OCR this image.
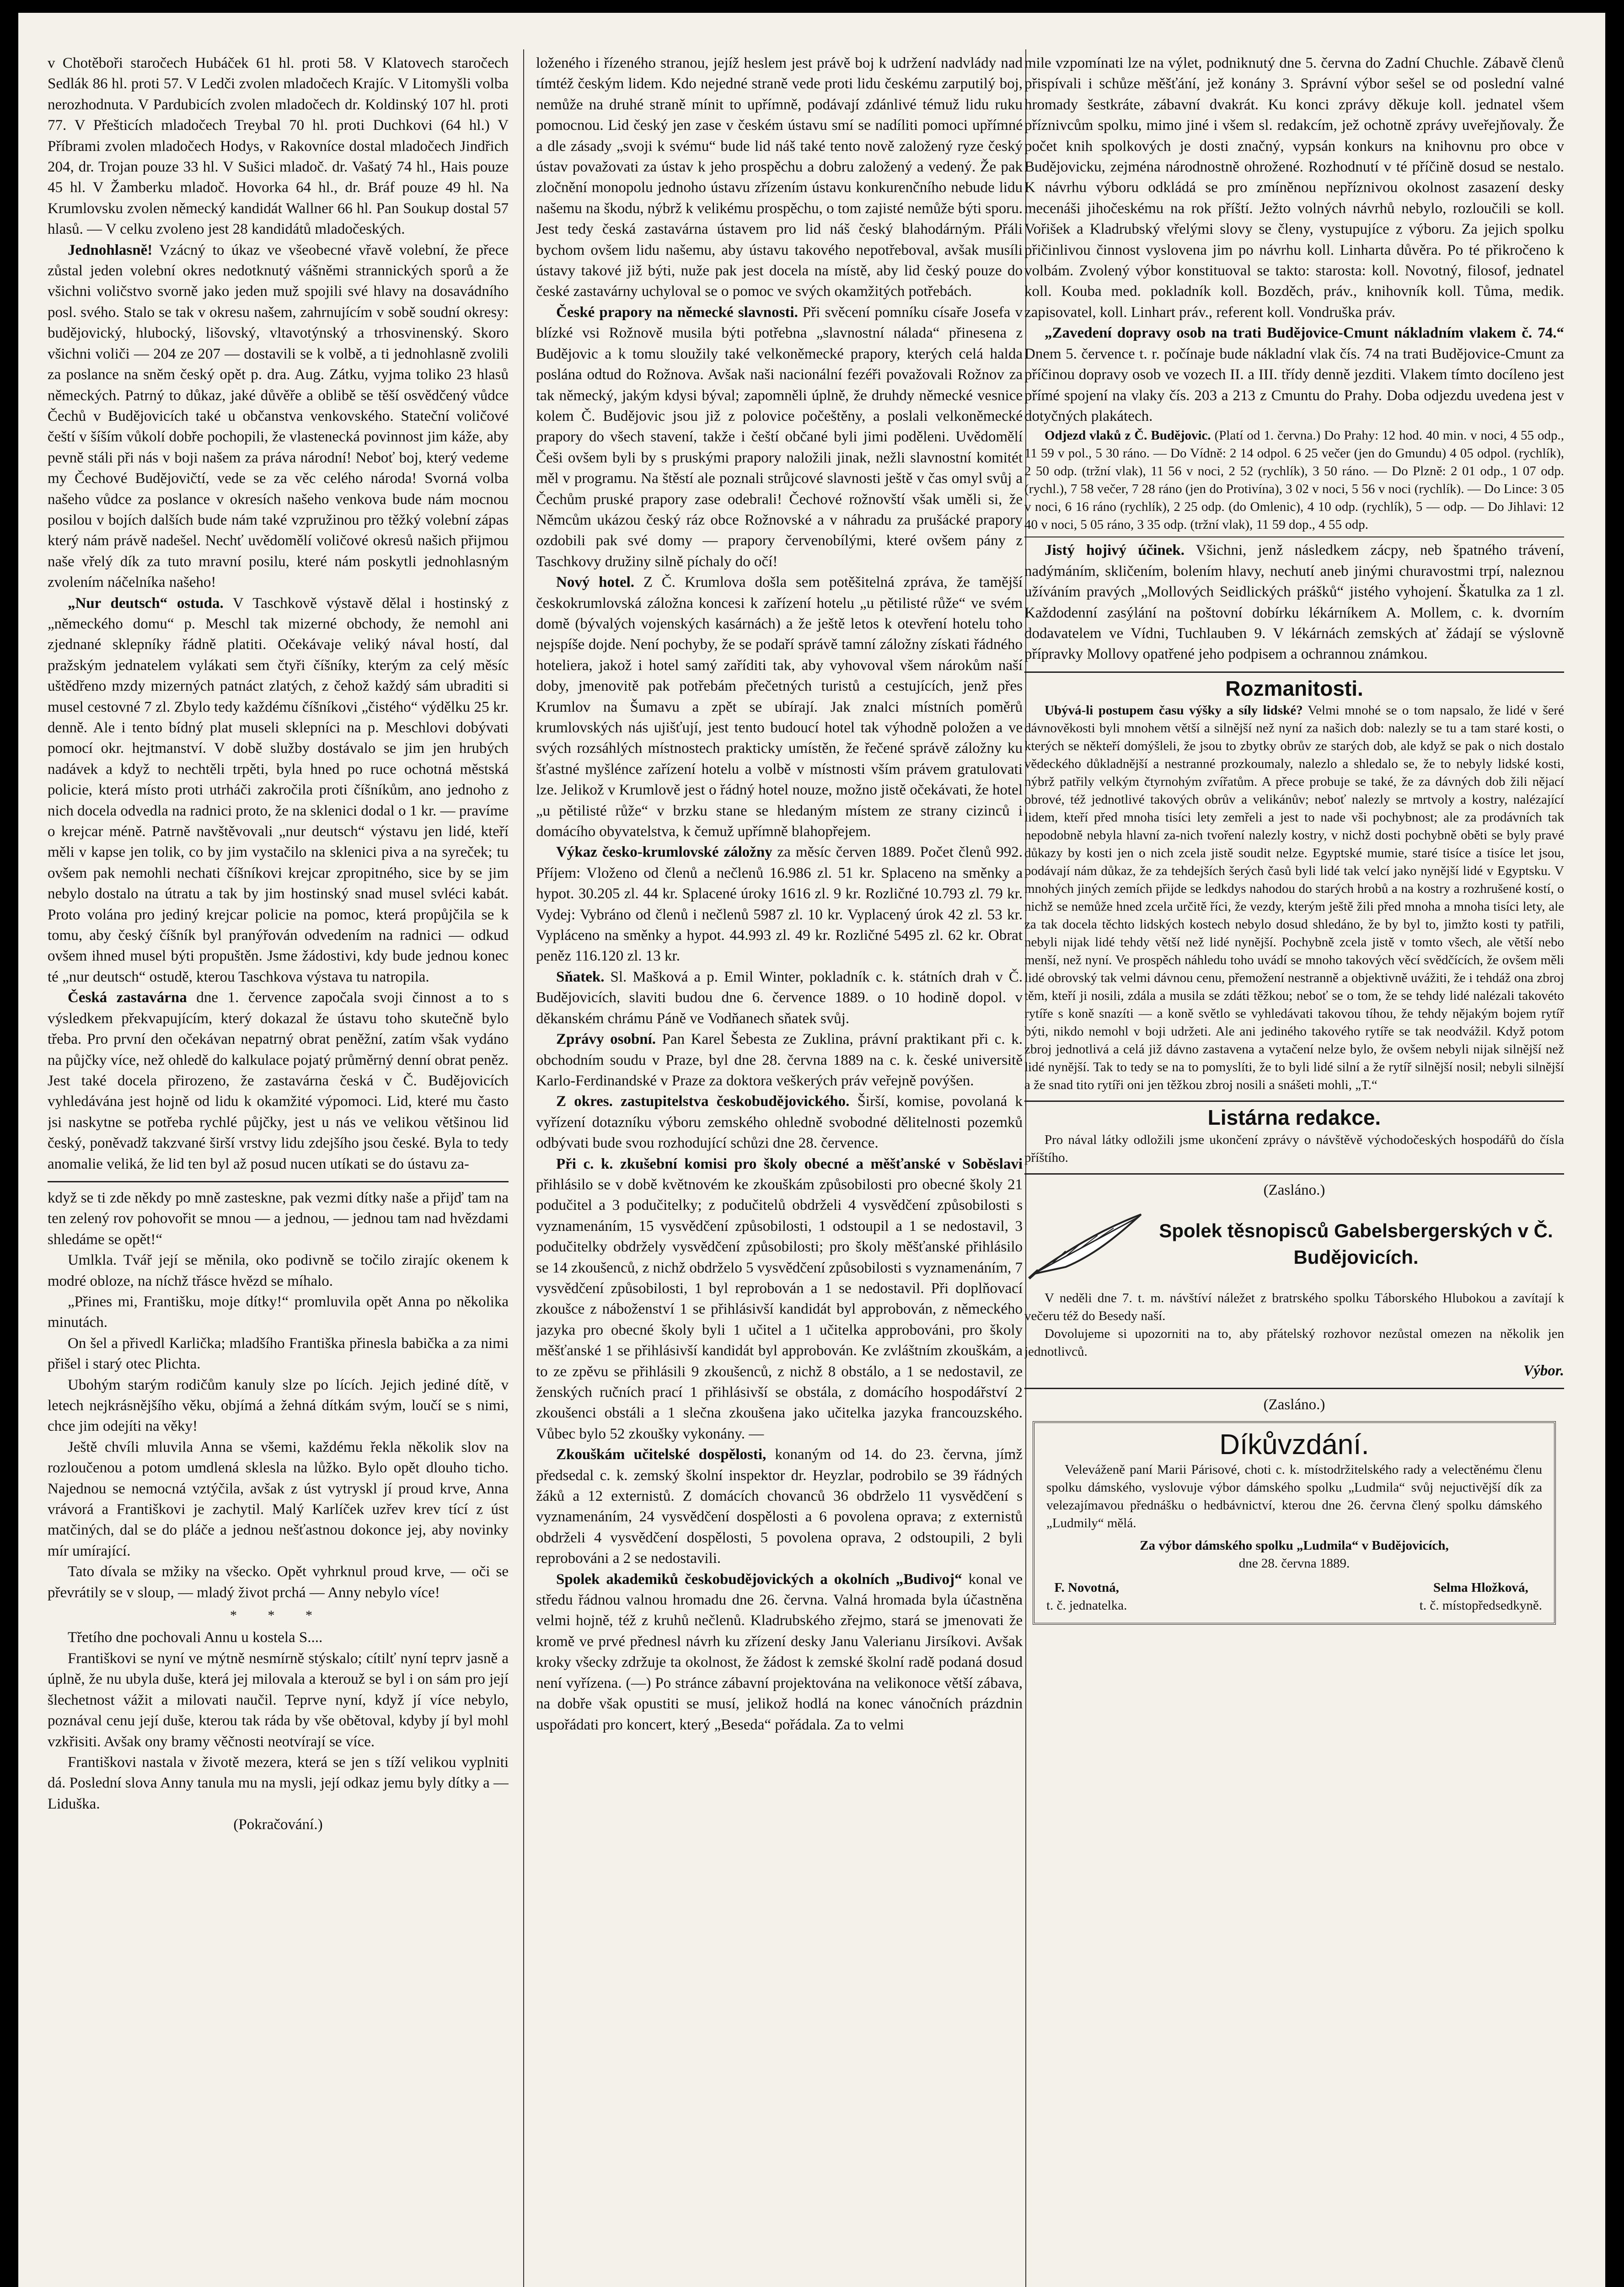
v Chotěboři staročech Hubáček 61 hl. proti 58. V Klatovech staročech Sedlák 86 hl. proti 57. V Ledči zvolen mladočech Krajíc. V Litomyšli volba nerozhodnuta. V Pardubicích zvolen mladočech dr. Koldinský 107 hl. proti 77. V Přešticích mladočech Treybal 70 hl. proti Duchkovi (64 hl.) V Příbrami zvolen mladočech Hodys, v Rakovníce dostal mladočech Jindřich 204, dr. Trojan pouze 33 hl. V Sušici mladoč. dr. Vašatý 74 hl., Hais pouze 45 hl. V Žamberku mladoč. Hovorka 64 hl., dr. Bráf pouze 49 hl. Na Krumlovsku zvolen německý kandidát Wallner 66 hl. Pan Soukup dostal 57 hlasů. — V celku zvoleno jest 28 kandidátů mladočeských.

Jednohlasně! Vzácný to úkaz ve všeobecné vřavě volební, že přece zůstal jeden volební okres nedotknutý vášněmi strannických sporů a že všichni voličstvo svorně jako jeden muž spojili své hlavy na dosavádního posl. svého. Stalo se tak v okresu našem, zahrnujícím v sobě soudní okresy: budějovický, hlubocký, lišovský, vltavotýnský a trhosvinenský. Skoro všichni voliči — 204 ze 207 — dostavili se k volbě, a ti jednohlasně zvolili za poslance na sněm český opět p. dra. Aug. Zátku, vyjma toliko 23 hlasů německých. Patrný to důkaz, jaké důvěře a oblibě se těší osvědčený vůdce Čechů v Budějovicích také u občanstva venkovského. Stateční voličové čeští v šíším vůkolí dobře pochopili, že vlastenecká povinnost jim káže, aby pevně stáli při nás v boji našem za práva národní! Neboť boj, který vedeme my Čechové Budějovičtí, vede se za věc celého národa! Svorná volba našeho vůdce za poslance v okresích našeho venkova bude nám mocnou posilou v bojích dalších bude nám také vzpružinou pro těžký volební zápas který nám právě nadešel. Nechť uvědomělí voličové okresů našich přijmou naše vřelý dík za tuto mravní posilu, které nám poskytli jednohlasným zvolením náčelníka našeho!

„Nur deutsch“ ostuda. V Taschkově výstavě dělal i hostinský z „německého domu“ p. Meschl tak mizerné obchody, že nemohl ani zjednané sklepníky řádně platiti. Očekávaje veliký nával hostí, dal pražským jednatelem vylákati sem čtyři číšníky, kterým za celý měsíc uštědřeno mzdy mizerných patnáct zlatých, z čehož každý sám ubraditi si musel cestovné 7 zl. Zbylo tedy každému číšníkovi „čistého“ výdělku 25 kr. denně. Ale i tento bídný plat museli sklepníci na p. Meschlovi dobývati pomocí okr. hejtmanství. V době služby dostávalo se jim jen hrubých nadávek a když to nechtěli trpěti, byla hned po ruce ochotná městská policie, která místo proti utrháči zakročila proti číšníkům, ano jednoho z nich docela odvedla na radnici proto, že na sklenici dodal o 1 kr. — pravíme o krejcar méně. Patrně navštěvovali „nur deutsch“ výstavu jen lidé, kteří měli v kapse jen tolik, co by jim vystačilo na sklenici piva a na syreček; tu ovšem pak nemohli nechati číšníkovi krejcar zpropitného, sice by se jim nebylo dostalo na útratu a tak by jim hostinský snad musel svléci kabát. Proto volána pro jediný krejcar policie na pomoc, která propůjčila se k tomu, aby český číšník byl pranýřován odvedením na radnici — odkud ovšem ihned musel býti propuštěn. Jsme žádostivi, kdy bude jednou konec té „nur deutsch“ ostudě, kterou Taschkova výstava tu natropila.

Česká zastavárna dne 1. července započala svoji činnost a to s výsledkem překvapujícím, který dokazal že ústavu toho skutečně bylo třeba. Pro první den očekávan nepatrný obrat peněžní, zatím však vydáno na půjčky více, než ohledě do kalkulace pojatý průměrný denní obrat peněz. Jest také docela přirozeno, že zastavárna česká v Č. Budějovicích vyhledávána jest hojně od lidu k okamžité výpomoci. Lid, které mu často jsi naskytne se potřeba rychlé půjčky, jest u nás ve velikou většinou lid český, poněvadž takzvané širší vrstvy lidu zdejšího jsou české. Byla to tedy anomalie veliká, že lid ten byl až posud nucen utíkati se do ústavu za-

když se ti zde někdy po mně zasteskne, pak vezmi dítky naše a přijď tam na ten zelený rov pohovořit se mnou — a jednou, — jednou tam nad hvězdami shledáme se opět!“

Umlkla. Tvář její se měnila, oko podivně se točilo zirajíc okenem k modré obloze, na níchž třásce hvězd se míhalo.

„Přines mi, Františku, moje dítky!“ promluvila opět Anna po několika minutách.

On šel a přivedl Karlička; mladšího Františka přinesla babička a za nimi přišel i starý otec Plichta.

Ubohým starým rodičům kanuly slze po lících. Jejich jediné dítě, v letech nejkrásnějšího věku, objímá a žehná dítkám svým, loučí se s nimi, chce jim odejíti na věky!

Ještě chvíli mluvila Anna se všemi, každému řekla několik slov na rozloučenou a potom umdlená sklesla na lůžko. Bylo opět dlouho ticho. Najednou se nemocná vztýčila, avšak z úst vytryskl jí proud krve, Anna vrávorá a Františkovi je zachytil. Malý Karlíček uzřev krev tící z úst matčiných, dal se do pláče a jednou nešťastnou dokonce jej, aby novinky mír umírající.

Tato dívala se mžiky na všecko. Opět vyhrknul proud krve, — oči se převrátily se v sloup, — mladý život prchá — Anny nebylo více!

* * *

Třetího dne pochovali Annu u kostela S....

Františkovi se nyní ve mýtně nesmírně stýskalo; cítilť nyní teprv jasně a úplně, že nu ubyla duše, která jej milovala a kterouž se byl i on sám pro její šlechetnost vážit a milovati naučil. Teprve nyní, když jí více nebylo, poznával cenu její duše, kterou tak ráda by vše obětoval, kdyby jí byl mohl vzkřisiti. Avšak ony bramy věčnosti neotvírají se více.

Františkovi nastala v životě mezera, která se jen s tíží velikou vyplniti dá. Poslední slova Anny tanula mu na mysli, její odkaz jemu byly dítky a — Liduška.

(Pokračování.)

loženého i řízeného stranou, jejíž heslem jest právě boj k udržení nadvlády nad tímtéž českým lidem. Kdo nejedné straně vede proti lidu českému zarputilý boj, nemůže na druhé straně mínit to upřímně, podávají zdánlivé témuž lidu ruku pomocnou. Lid český jen zase v českém ústavu smí se nadíliti pomoci upřímné a dle zásady „svoji k svému“ bude lid náš také tento nově založený ryze český ústav považovati za ústav k jeho prospěchu a dobru založený a vedený. Že pak zločnění monopolu jednoho ústavu zřízením ústavu konkurenčního nebude lidu našemu na škodu, nýbrž k velikému prospěchu, o tom zajisté nemůže býti sporu. Jest tedy česká zastavárna ústavem pro lid náš český blahodárným. Přáli bychom ovšem lidu našemu, aby ústavu takového nepotřeboval, avšak musíli ústavy takové již býti, nuže pak jest docela na místě, aby lid český pouze do české zastavárny uchyloval se o pomoc ve svých okamžitých potřebách.

České prapory na německé slavnosti. Při svěcení pomníku císaře Josefa v blízké vsi Rožnově musila býti potřebna „slavnostní nálada“ přinesena z Budějovic a k tomu sloužily také velkoněmecké prapory, kterých celá halda poslána odtud do Rožnova. Avšak naši nacionální fezéři považovali Rožnov za tak německý, jakým kdysi býval; zapomněli úplně, že druhdy německé vesnice kolem Č. Budějovic jsou již z polovice počeštěny, a poslali velkoněmecké prapory do všech stavení, takže i čeští občané byli jimi poděleni. Uvědomělí Češi ovšem byli by s pruskými prapory naložili jinak, nežli slavnostní komitét měl v programu. Na štěstí ale poznali strůjcové slavnosti ještě v čas omyl svůj a Čechům pruské prapory zase odebrali! Čechové rožnovští však uměli si, že Němcům ukázou český ráz obce Rožnovské a v náhradu za prušácké prapory ozdobili pak své domy — prapory červenobílými, které ovšem pány z Taschkovy družiny silně píchaly do očí!

Nový hotel. Z Č. Krumlova došla sem potěšitelná zpráva, že tamější českokrumlovská záložna koncesi k zařízení hotelu „u pětilisté růže“ ve svém domě (bývalých vojenských kasárnách) a že ještě letos k otevření hotelu toho nejspíše dojde. Není pochyby, že se podaří správě tamní záložny získati řádného hoteliera, jakož i hotel samý zaříditi tak, aby vyhovoval všem nárokům naší doby, jmenovitě pak potřebám přečetných turistů a cestujících, jenž přes Krumlov na Šumavu a zpět se ubírají. Jak znalci místních poměrů krumlovských nás ujišťují, jest tento budoucí hotel tak výhodně položen a ve svých rozsáhlých místnostech prakticky umístěn, že řečené správě záložny ku šťastné myšlénce zařízení hotelu a volbě v místnosti vším právem gratulovati lze. Jelikož v Krumlově jest o řádný hotel nouze, možno jistě očekávati, že hotel „u pětilisté růže“ v brzku stane se hledaným místem ze strany cizinců i domácího obyvatelstva, k čemuž upřímně blahopřejem.

Výkaz česko-krumlovské záložny za měsíc červen 1889. Počet členů 992. Příjem: Vloženo od členů a nečlenů 16.986 zl. 51 kr. Splaceno na směnky a hypot. 30.205 zl. 44 kr. Splacené úroky 1616 zl. 9 kr. Rozličné 10.793 zl. 79 kr. Vydej: Vybráno od členů i nečlenů 5987 zl. 10 kr. Vyplacený úrok 42 zl. 53 kr. Vypláceno na směnky a hypot. 44.993 zl. 49 kr. Rozličné 5495 zl. 62 kr. Obrat peněz 116.120 zl. 13 kr.

Sňatek. Sl. Mašková a p. Emil Winter, pokladník c. k. státních drah v Č. Budějovicích, slaviti budou dne 6. července 1889. o 10 hodině dopol. v děkanském chrámu Páně ve Vodňanech sňatek svůj.

Zprávy osobní. Pan Karel Šebesta ze Zuklina, právní praktikant při c. k. obchodním soudu v Praze, byl dne 28. června 1889 na c. k. české universitě Karlo-Ferdinandské v Praze za doktora veškerých práv veřejně povýšen.

Z okres. zastupitelstva českobudějovického. Širší, komise, povolaná k vyřízení dotazníku výboru zemského ohledně svobodné dělitelnosti pozemků odbývati bude svou rozhodující schůzi dne 28. července.

Při c. k. zkušební komisi pro školy obecné a měšťanské v Soběslavi přihlásilo se v době květnovém ke zkouškám způsobilosti pro obecné školy 21 podučitel a 3 podučitelky; z podučitelů obdrželi 4 vysvědčení způsobilosti s vyznamenáním, 15 vysvědčení způsobilosti, 1 odstoupil a 1 se nedostavil, 3 podučitelky obdržely vysvědčení způsobilosti; pro školy měšťanské přihlásilo se 14 zkoušenců, z nichž obdrželo 5 vysvědčení způsobilosti s vyznamenáním, 7 vysvědčení způsobilosti, 1 byl reprobován a 1 se nedostavil. Při doplňovací zkoušce z náboženství 1 se přihlásivší kandidát byl approbován, z německého jazyka pro obecné školy byli 1 učitel a 1 učitelka approbováni, pro školy měšťanské 1 se přihlásivší kandidát byl approbován. Ke zvláštním zkouškám, a to ze zpěvu se přihlásili 9 zkoušenců, z nichž 8 obstálo, a 1 se nedostavil, ze ženských ručních prací 1 přihlásivší se obstála, z domácího hospodářství 2 zkoušenci obstáli a 1 slečna zkoušena jako učitelka jazyka francouzského. Vůbec bylo 52 zkoušky vykonány. —

Zkouškám učitelské dospělosti, konaným od 14. do 23. června, jímž předsedal c. k. zemský školní inspektor dr. Heyzlar, podrobilo se 39 řádných žáků a 12 externistů. Z domácích chovanců 36 obdrželo 11 vysvědčení s vyznamenáním, 24 vysvědčení dospělosti a 6 povolena oprava; z externistů obdrželi 4 vysvědčení dospělosti, 5 povolena oprava, 2 odstoupili, 2 byli reprobováni a 2 se nedostavili.

Spolek akademiků českobudějovických a okolních „Budivoj“ konal ve středu řádnou valnou hromadu dne 26. června. Valná hromada byla účastněna velmi hojně, též z kruhů nečlenů. Kladrubského zřejmo, stará se jmenovati že kromě ve prvé přednesl návrh ku zřízení desky Janu Valerianu Jirsíkovi. Avšak kroky všecky zdržuje ta okolnost, že žádost k zemské školní radě podaná dosud není vyřízena. (—) Po stránce zábavní projektována na velikonoce větší zábava, na dobře však opustiti se musí, jelikož hodlá na konec vánočních prázdnin uspořádati pro koncert, který „Beseda“ pořádala. Za to velmi

mile vzpomínati lze na výlet, podniknutý dne 5. června do Zadní Chuchle. Zábavě členů přispívali i schůze měšťání, jež konány 3. Správní výbor sešel se od poslední valné hromady šestkráte, zábavní dvakrát. Ku konci zprávy děkuje koll. jednatel všem příznivcům spolku, mimo jiné i všem sl. redakcím, jež ochotně zprávy uveřejňovaly. Že počet knih spolkových je dosti značný, vypsán konkurs na knihovnu pro obce v Budějovicku, zejména národnostně ohrožené. Rozhodnutí v té příčině dosud se nestalo. K návrhu výboru odkládá se pro zmíněnou nepříznivou okolnost zasazení desky mecenáši jihočeskému na rok příští. Ježto volných návrhů nebylo, rozloučili se koll. Vořišek a Kladrubský vřelými slovy se členy, vystupujíce z výboru. Za jejich spolku přičinlivou činnost vyslovena jim po návrhu koll. Linharta důvěra. Po té přikročeno k volbám. Zvolený výbor konstituoval se takto: starosta: koll. Novotný, filosof, jednatel koll. Kouba med. pokladník koll. Bozděch, práv., knihovník koll. Tůma, medik. zapisovatel, koll. Linhart práv., referent koll. Vondruška práv.

„Zavedení dopravy osob na trati Budějovice-Cmunt nákladním vlakem č. 74.“ Dnem 5. července t. r. počínaje bude nákladní vlak čís. 74 na trati Budějovice-Cmunt za příčinou dopravy osob ve vozech II. a III. třídy denně jezditi. Vlakem tímto docíleno jest přímé spojení na vlaky čís. 203 a 213 z Cmuntu do Prahy. Doba odjezdu uvedena jest v dotyčných plakátech.

Odjezd vlaků z Č. Budějovic. (Platí od 1. června.) Do Prahy: 12 hod. 40 min. v noci, 4 55 odp., 11 59 v pol., 5 30 ráno. — Do Vídně: 2 14 odpol. 6 25 večer (jen do Gmundu) 4 05 odpol. (rychlík), 2 50 odp. (tržní vlak), 11 56 v noci, 2 52 (rychlík), 3 50 ráno. — Do Plzně: 2 01 odp., 1 07 odp. (rychl.), 7 58 večer, 7 28 ráno (jen do Protivína), 3 02 v noci, 5 56 v noci (rychlík). — Do Lince: 3 05 v noci, 6 16 ráno (rychlík), 2 25 odp. (do Omlenic), 4 10 odp. (rychlík), 5 — odp. — Do Jihlavi: 12 40 v noci, 5 05 ráno, 3 35 odp. (tržní vlak), 11 59 dop., 4 55 odp.

Jistý hojivý účinek. Všichni, jenž následkem zácpy, neb špatného trávení, nadýmáním, skličením, bolením hlavy, nechutí aneb jinými churavostmi trpí, naleznou užíváním pravých „Mollových Seidlických prášků“ jistého vyhojení. Škatulka za 1 zl. Každodenní zasýlání na poštovní dobírku lékárníkem A. Mollem, c. k. dvorním dodavatelem ve Vídni, Tuchlauben 9. V lékárnách zemských ať žádají se výslovně přípravky Mollovy opatřené jeho podpisem a ochrannou známkou.

Rozmanitosti.

Ubývá-li postupem času výšky a síly lidské? Velmi mnohé se o tom napsalo, že lidé v šeré dávnověkosti byli mnohem větší a silnější než nyní za našich dob: nalezly se tu a tam staré kosti, o kterých se někteří domýšleli, že jsou to zbytky obrův ze starých dob, ale když se pak o nich dostalo vědeckého důkladnější a nestranné prozkoumaly, nalezlo a shledalo se, že to nebyly lidské kosti, nýbrž patřily velkým čtyrnohým zvířatům. A přece probuje se také, že za dávných dob žili nějací obrové, též jednotlivé takových obrův a velikánův; neboť nalezly se mrtvoly a kostry, nalézající lidem, kteří před mnoha tisíci lety zemřeli a jest to nade vši pochybnost; ale za prodávních tak nepodobně nebyla hlavní za-nich tvoření nalezly kostry, v nichž dosti pochybně oběti se byly pravé důkazy by kosti jen o nich zcela jistě soudit nelze. Egyptské mumie, staré tisíce a tisíce let jsou, podávají nám důkaz, že za tehdejších šerých časů byli lidé tak velcí jako nynější lidé v Egyptsku. V mnohých jiných zemích přijde se ledkdys nahodou do starých hrobů a na kostry a rozhrušené kostí, o nichž se nemůže hned zcela určitě říci, že vezdy, kterým ještě žili před mnoha a mnoha tisíci lety, ale za tak docela těchto lidských kostech nebylo dosud shledáno, že by byl to, jimžto kosti ty patřili, nebyli nijak lidé tehdy větší než lidé nynější. Pochybně zcela jistě v tomto všech, ale větší nebo menší, než nyní. Ve prospěch náhledu toho uvádí se mnoho takových věcí svědčících, že ovšem měli lidé obrovský tak velmi dávnou cenu, přemožení nestranně a objektivně uvážiti, že i tehdáž ona zbroj těm, kteří ji nosili, zdála a musila se zdáti těžkou; neboť se o tom, že se tehdy lidé nalézali takovéto rytíře s koně snazíti — a koně světlo se vyhledávati takovou tíhou, že tehdy nějakým bojem rytíř býti, nikdo nemohl v boji udržeti. Ale ani jediného takového rytíře se tak neodvážil. Když potom zbroj jednotlivá a celá již dávno zastavena a vytačení nelze bylo, že ovšem nebyli nijak silnější než lidé nynější. Tak to tedy se na to pomyslíti, že to byli lidé silní a že rytíř silnější nosil; nebyli silnější a že snad tito rytíři oni jen těžkou zbroj nosili a snášeti mohli, „T.“

Listárna redakce.

Pro nával látky odložili jsme ukončení zprávy o návštěvě východočeských hospodářů do čísla příštího.

(Zasláno.)

Spolek těsnopisců Gabelsbergerských v Č. Budějovicích.

V neděli dne 7. t. m. návštíví náležet z bratrského spolku Táborského Hlubokou a zavítají k večeru též do Besedy naší.

Dovolujeme si upozorniti na to, aby přátelský rozhovor nezůstal omezen na několik jen jednotlivců.

Výbor.

(Zasláno.)

Díkůvzdání.

Veleváženě paní Marii Párisové, choti c. k. místodržitelského rady a velectěnému členu spolku dámského, vyslovuje výbor dámského spolku „Ludmila“ svůj nejuctivější dík za velezajímavou přednášku o hedbávnictví, kterou dne 26. června člený spolku dámského „Ludmily“ mělá.

Za výbor dámského spolku „Ludmila“ v Budějovicích,

dne 28. června 1889.

F. Novotná,
t. č. jednatelka.
Selma Hložková,
t. č. místopředsedkyně.
